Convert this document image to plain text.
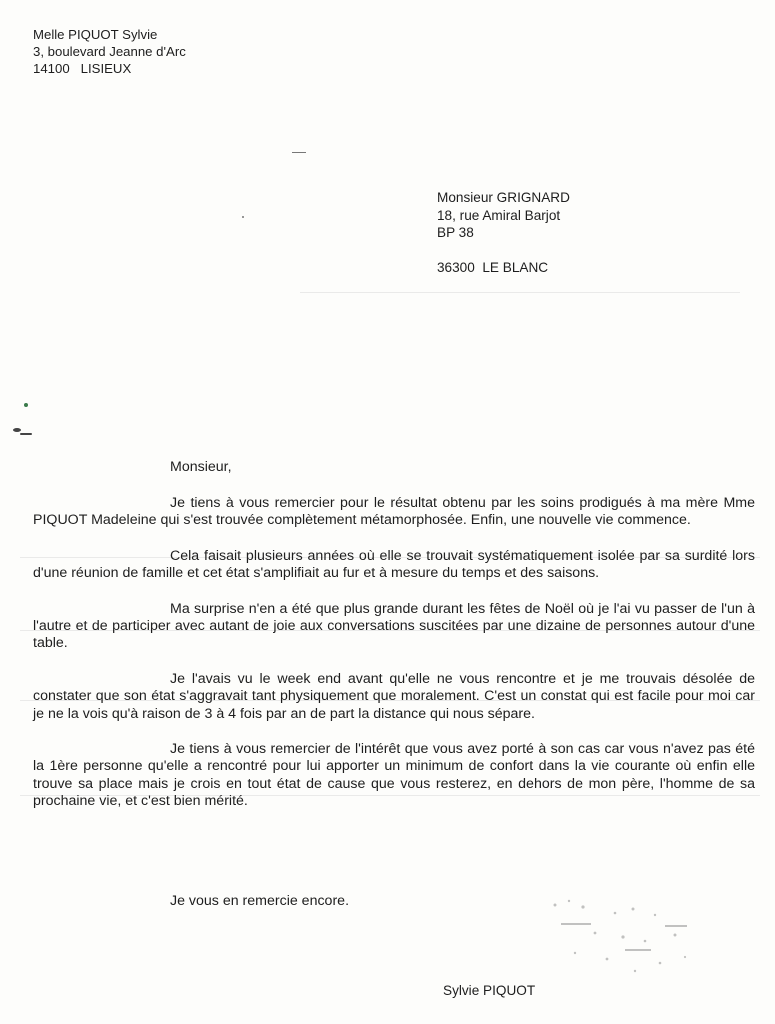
Melle PIQUOT Sylvie
3, boulevard Jeanne d'Arc
14100   LISIEUX
Monsieur GRIGNARD
18, rue Amiral Barjot
BP 38
36300  LE BLANC
Monsieur,

Je tiens à vous remercier pour le résultat obtenu par les soins prodigués à ma mère Mme PIQUOT Madeleine qui s'est trouvée complètement métamorphosée. Enfin, une nouvelle vie commence.

Cela faisait plusieurs années où elle se trouvait systématiquement isolée par sa surdité lors d'une réunion de famille et cet état s'amplifiait au fur et à mesure du temps et des saisons.

Ma surprise n'en a été que plus grande durant les fêtes de Noël où je l'ai vu passer de l'un à l'autre et de participer avec autant de joie aux conversations suscitées par une dizaine de personnes autour d'une table.

Je l'avais vu le week end avant qu'elle ne vous rencontre et je me trouvais désolée de constater que son état s'aggravait tant physiquement que moralement. C'est un constat qui est facile pour moi car je ne la vois qu'à raison de 3 à 4 fois par an de part la distance qui nous sépare.

Je tiens à vous remercier de l'intérêt que vous avez porté à son cas car vous n'avez pas été la 1ère personne qu'elle a rencontré pour lui apporter un minimum de confort dans la vie courante où enfin elle trouve sa place mais je crois en tout état de cause que vous resterez, en dehors de mon père, l'homme de sa prochaine vie, et c'est bien mérité.

Je vous en remercie encore.
Sylvie PIQUOT
